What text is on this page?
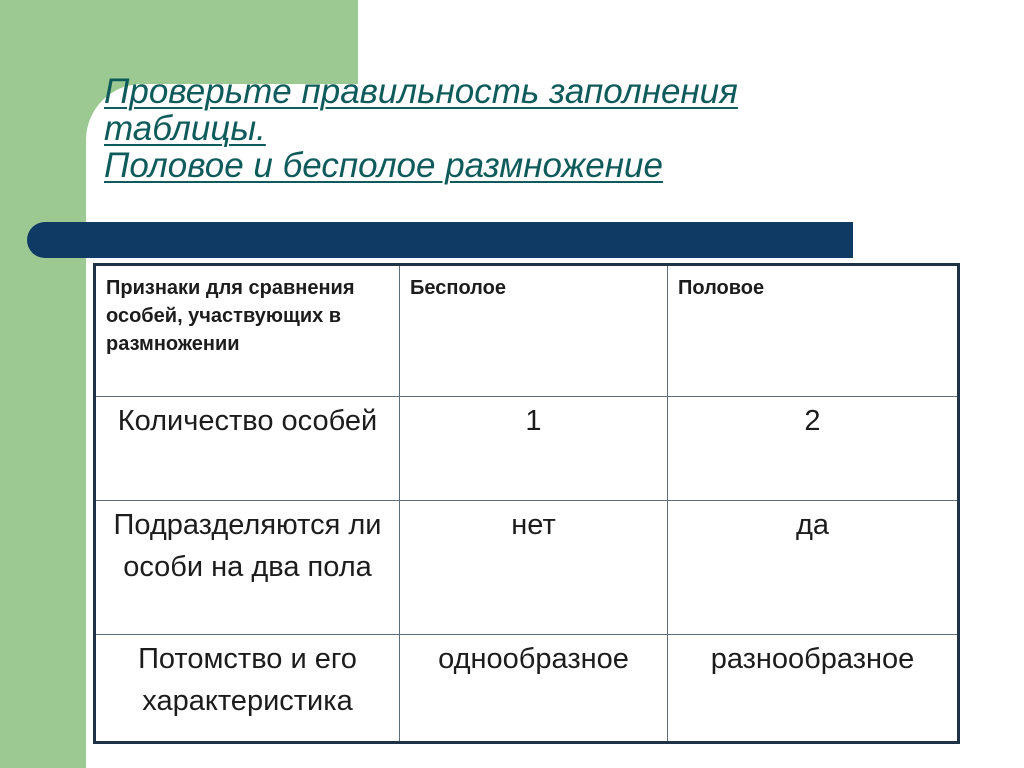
Проверьте правильность заполнения
таблицы.
Половое и бесполое размножение
Признаки для сравнения особей, участвующих в размножении	Бесполое	Половое
Количество особей	1	2
Подразделяются ли особи на два пола	нет	да
Потомство и его характеристика	однообразное	разнообразное
